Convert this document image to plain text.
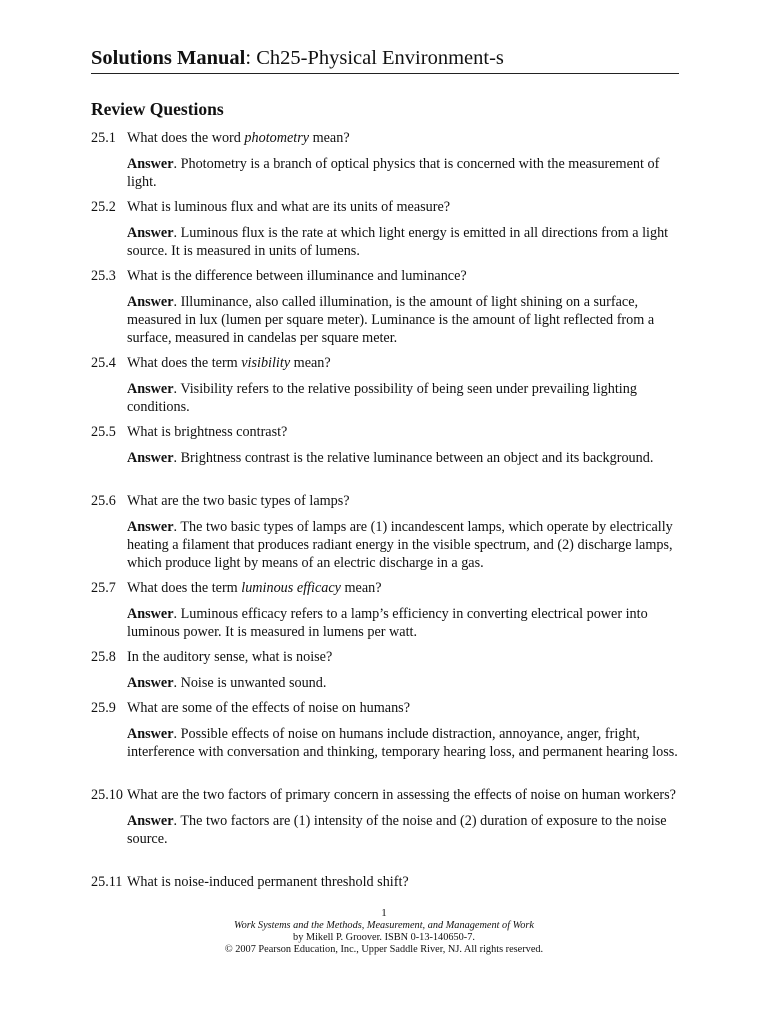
Solutions Manual: Ch25-Physical Environment-s
Review Questions
25.1 What does the word photometry mean?
Answer. Photometry is a branch of optical physics that is concerned with the measurement of light.
25.2 What is luminous flux and what are its units of measure?
Answer. Luminous flux is the rate at which light energy is emitted in all directions from a light source. It is measured in units of lumens.
25.3 What is the difference between illuminance and luminance?
Answer. Illuminance, also called illumination, is the amount of light shining on a surface, measured in lux (lumen per square meter). Luminance is the amount of light reflected from a surface, measured in candelas per square meter.
25.4 What does the term visibility mean?
Answer. Visibility refers to the relative possibility of being seen under prevailing lighting conditions.
25.5 What is brightness contrast?
Answer. Brightness contrast is the relative luminance between an object and its background.
25.6 What are the two basic types of lamps?
Answer. The two basic types of lamps are (1) incandescent lamps, which operate by electrically heating a filament that produces radiant energy in the visible spectrum, and (2) discharge lamps, which produce light by means of an electric discharge in a gas.
25.7 What does the term luminous efficacy mean?
Answer. Luminous efficacy refers to a lamp’s efficiency in converting electrical power into luminous power. It is measured in lumens per watt.
25.8 In the auditory sense, what is noise?
Answer. Noise is unwanted sound.
25.9 What are some of the effects of noise on humans?
Answer. Possible effects of noise on humans include distraction, annoyance, anger, fright, interference with conversation and thinking, temporary hearing loss, and permanent hearing loss.
25.10 What are the two factors of primary concern in assessing the effects of noise on human workers?
Answer. The two factors are (1) intensity of the noise and (2) duration of exposure to the noise source.
25.11 What is noise-induced permanent threshold shift?
1
Work Systems and the Methods, Measurement, and Management of Work
by Mikell P. Groover. ISBN 0-13-140650-7.
© 2007 Pearson Education, Inc., Upper Saddle River, NJ. All rights reserved.
